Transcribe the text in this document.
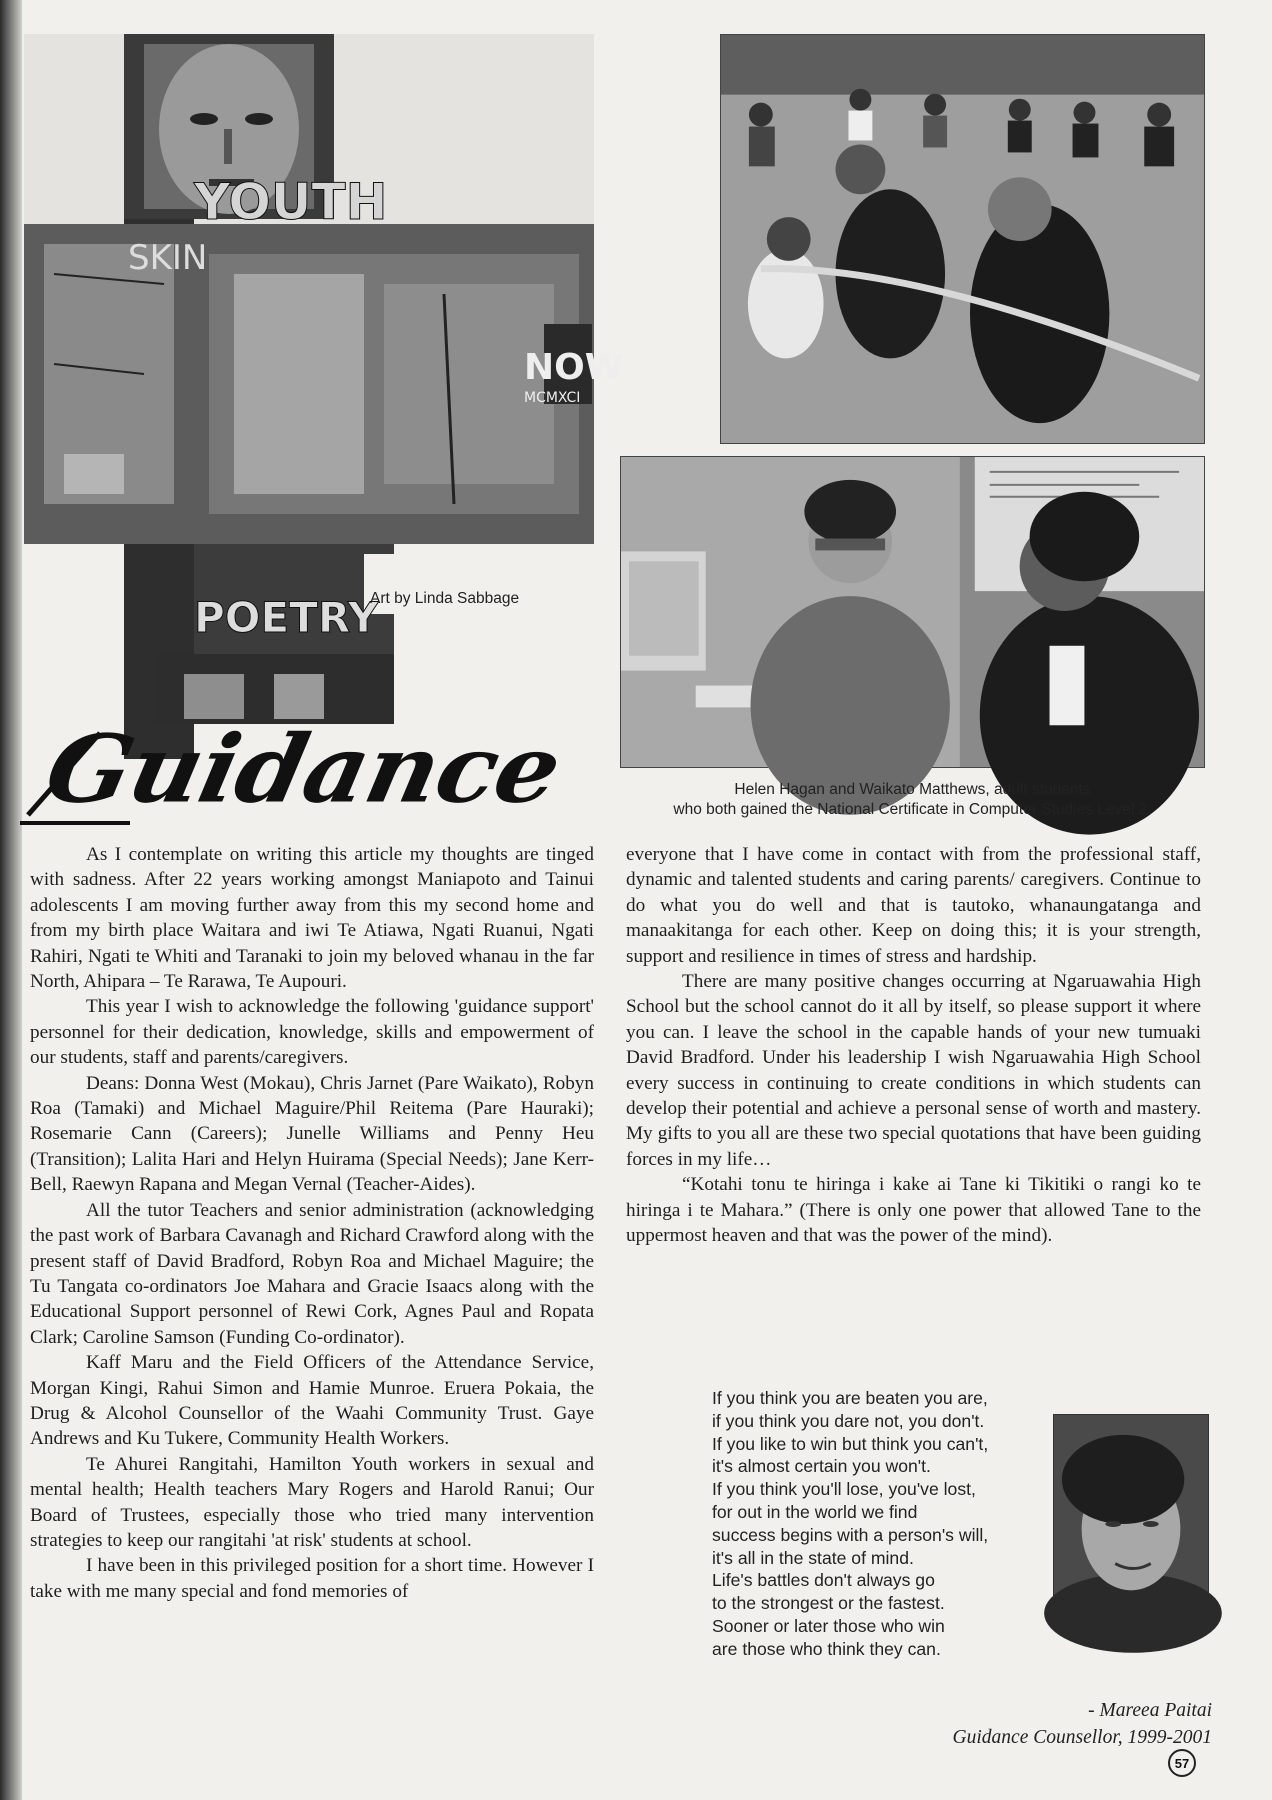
YOUTH
SKIN
POETRY
NOW
MCMXCI
Art by Linda Sabbage
Helen Hagan and Waikato Matthews, adult students
who both gained the National Certificate in Computer Studies Level 2.
Guidance

As I contemplate on writing this article my thoughts are tinged with sadness. After 22 years working amongst Maniapoto and Tainui adolescents I am moving further away from this my second home and from my birth place Waitara and iwi Te Atiawa, Ngati Ruanui, Ngati Rahiri, Ngati te Whiti and Taranaki to join my beloved whanau in the far North, Ahipara – Te Rarawa, Te Aupouri.

This year I wish to acknowledge the following 'guidance support' personnel for their dedication, knowledge, skills and empowerment of our students, staff and parents/caregivers.

Deans: Donna West (Mokau), Chris Jarnet (Pare Waikato), Robyn Roa (Tamaki) and Michael Maguire/Phil Reitema (Pare Hauraki); Rosemarie Cann (Careers); Junelle Williams and Penny Heu (Transition); Lalita Hari and Helyn Huirama (Special Needs); Jane Kerr-Bell, Raewyn Rapana and Megan Vernal (Teacher-Aides).

All the tutor Teachers and senior administration (acknowledging the past work of Barbara Cavanagh and Richard Crawford along with the present staff of David Bradford, Robyn Roa and Michael Maguire; the Tu Tangata co-ordinators Joe Mahara and Gracie Isaacs along with the Educational Support personnel of Rewi Cork, Agnes Paul and Ropata Clark; Caroline Samson (Funding Co-ordinator).

Kaff Maru and the Field Officers of the Attendance Service, Morgan Kingi, Rahui Simon and Hamie Munroe. Eruera Pokaia, the Drug & Alcohol Counsellor of the Waahi Community Trust. Gaye Andrews and Ku Tukere, Community Health Workers.

Te Ahurei Rangitahi, Hamilton Youth workers in sexual and mental health; Health teachers Mary Rogers and Harold Ranui; Our Board of Trustees, especially those who tried many intervention strategies to keep our rangitahi 'at risk' students at school.

I have been in this privileged position for a short time. However I take with me many special and fond memories of

everyone that I have come in contact with from the professional staff, dynamic and talented students and caring parents/ caregivers. Continue to do what you do well and that is tautoko, whanaungatanga and manaakitanga for each other. Keep on doing this; it is your strength, support and resilience in times of stress and hardship.

There are many positive changes occurring at Ngaruawahia High School but the school cannot do it all by itself, so please support it where you can. I leave the school in the capable hands of your new tumuaki David Bradford. Under his leadership I wish Ngaruawahia High School every success in continuing to create conditions in which students can develop their potential and achieve a personal sense of worth and mastery. My gifts to you all are these two special quotations that have been guiding forces in my life…

“Kotahi tonu te hiringa i kake ai Tane ki Tikitiki o rangi ko te hiringa i te Mahara.” (There is only one power that allowed Tane to the uppermost heaven and that was the power of the mind).

If you think you are beaten you are,
if you think you dare not, you don't.
If you like to win but think you can't,
it's almost certain you won't.
If you think you'll lose, you've lost,
for out in the world we find
success begins with a person's will,
it's all in the state of mind.
Life's battles don't always go
to the strongest or the fastest.
Sooner or later those who win
are those who think they can.
- Mareea Paitai
Guidance Counsellor, 1999-2001
57
